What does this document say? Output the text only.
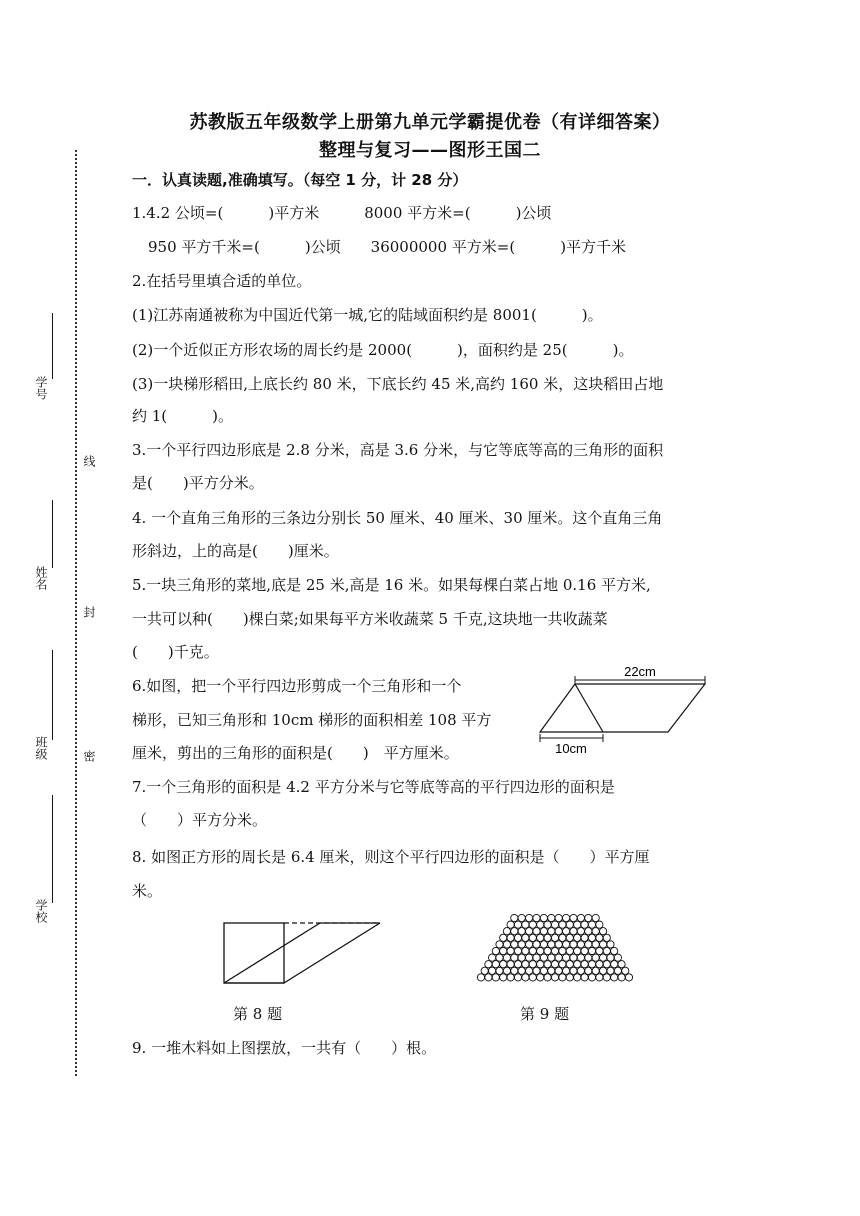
学号
姓名
班级
学校
线
封
密
苏教版五年级数学上册第九单元学霸提优卷（有详细答案）
整理与复习——图形王国二
一．认真读题,准确填写。（每空 1 分，计 28 分）
1.4.2 公顷=(　　　)平方米　　　8000 平方米=(　　　)公顷
950 平方千米=(　　　)公顷　　36000000 平方米=(　　　)平方千米
2.在括号里填合适的单位。
(1)江苏南通被称为中国近代第一城,它的陆域面积约是 8001(　　　)。
(2)一个近似正方形农场的周长约是 2000(　　　)，面积约是 25(　　　)。
(3)一块梯形稻田,上底长约 80 米，下底长约 45 米,高约 160 米，这块稻田占地
约 1(　　　)。
3.一个平行四边形底是 2.8 分米，高是 3.6 分米，与它等底等高的三角形的面积
是(　　)平方分米。
4. 一个直角三角形的三条边分别长 50 厘米、40 厘米、30 厘米。这个直角三角
形斜边，上的高是(　　)厘米。
5.一块三角形的菜地,底是 25 米,高是 16 米。如果每棵白菜占地 0.16 平方米,
一共可以种(　　)棵白菜;如果每平方米收蔬菜 5 千克,这块地一共收蔬菜
(　　)千克。
6.如图，把一个平行四边形剪成一个三角形和一个
梯形，已知三角形和 10cm 梯形的面积相差 108 平方
厘米，剪出的三角形的面积是(　　)　平方厘米。
7.一个三角形的面积是 4.2 平方分米与它等底等高的平行四边形的面积是
（　　）平方分米。
8. 如图正方形的周长是 6.4 厘米，则这个平行四边形的面积是（　　）平方厘
米。
9. 一堆木料如上图摆放，一共有（　　）根。
22cm
10cm
第 8 题	第 9 题
